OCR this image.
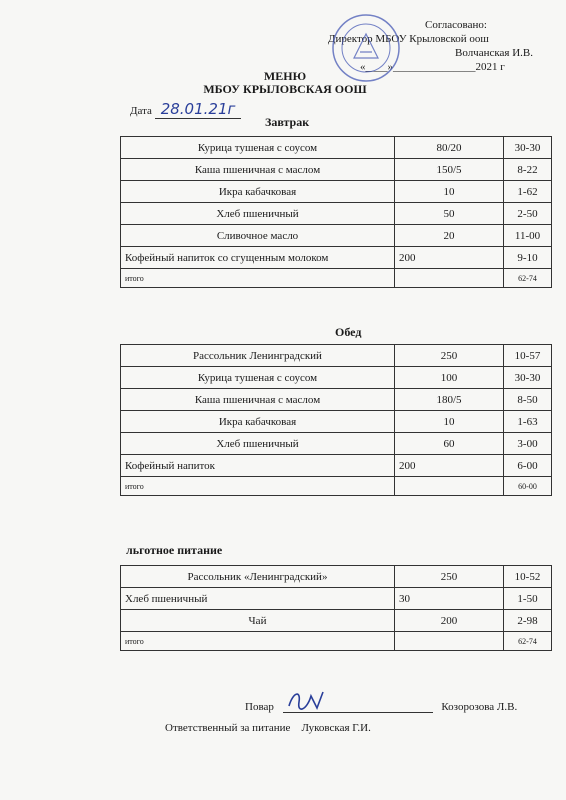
Согласовано:
Директор МБОУ Крыловской оош
Волчанская И.В.
«____»_______________2021 г
МЕНЮ
МБОУ КРЫЛОВСКАЯ ООШ
Дата 28.01.21г
Завтрак
Курица тушеная с соусом	80/20	30-30
Каша пшеничная с маслом	150/5	8-22
Икра кабачковая	10	1-62
Хлеб пшеничный	50	2-50
Сливочное масло	20	11-00
Кофейный напиток со сгущенным молоком	200	9-10
итого		62-74
Обед
Рассольник Ленинградский	250	10-57
Курица тушеная с соусом	100	30-30
Каша пшеничная с маслом	180/5	8-50
Икра кабачковая	10	1-63
Хлеб пшеничный	60	3-00
Кофейный напиток	200	6-00
итого		60-00
льготное питание
Рассольник «Ленинградский»	250	10-52
Хлеб пшеничный	30	1-50
Чай	200	2-98
итого		62-74
Повар	Козорозова Л.В.
Ответственный за питание Луковская Г.И.
